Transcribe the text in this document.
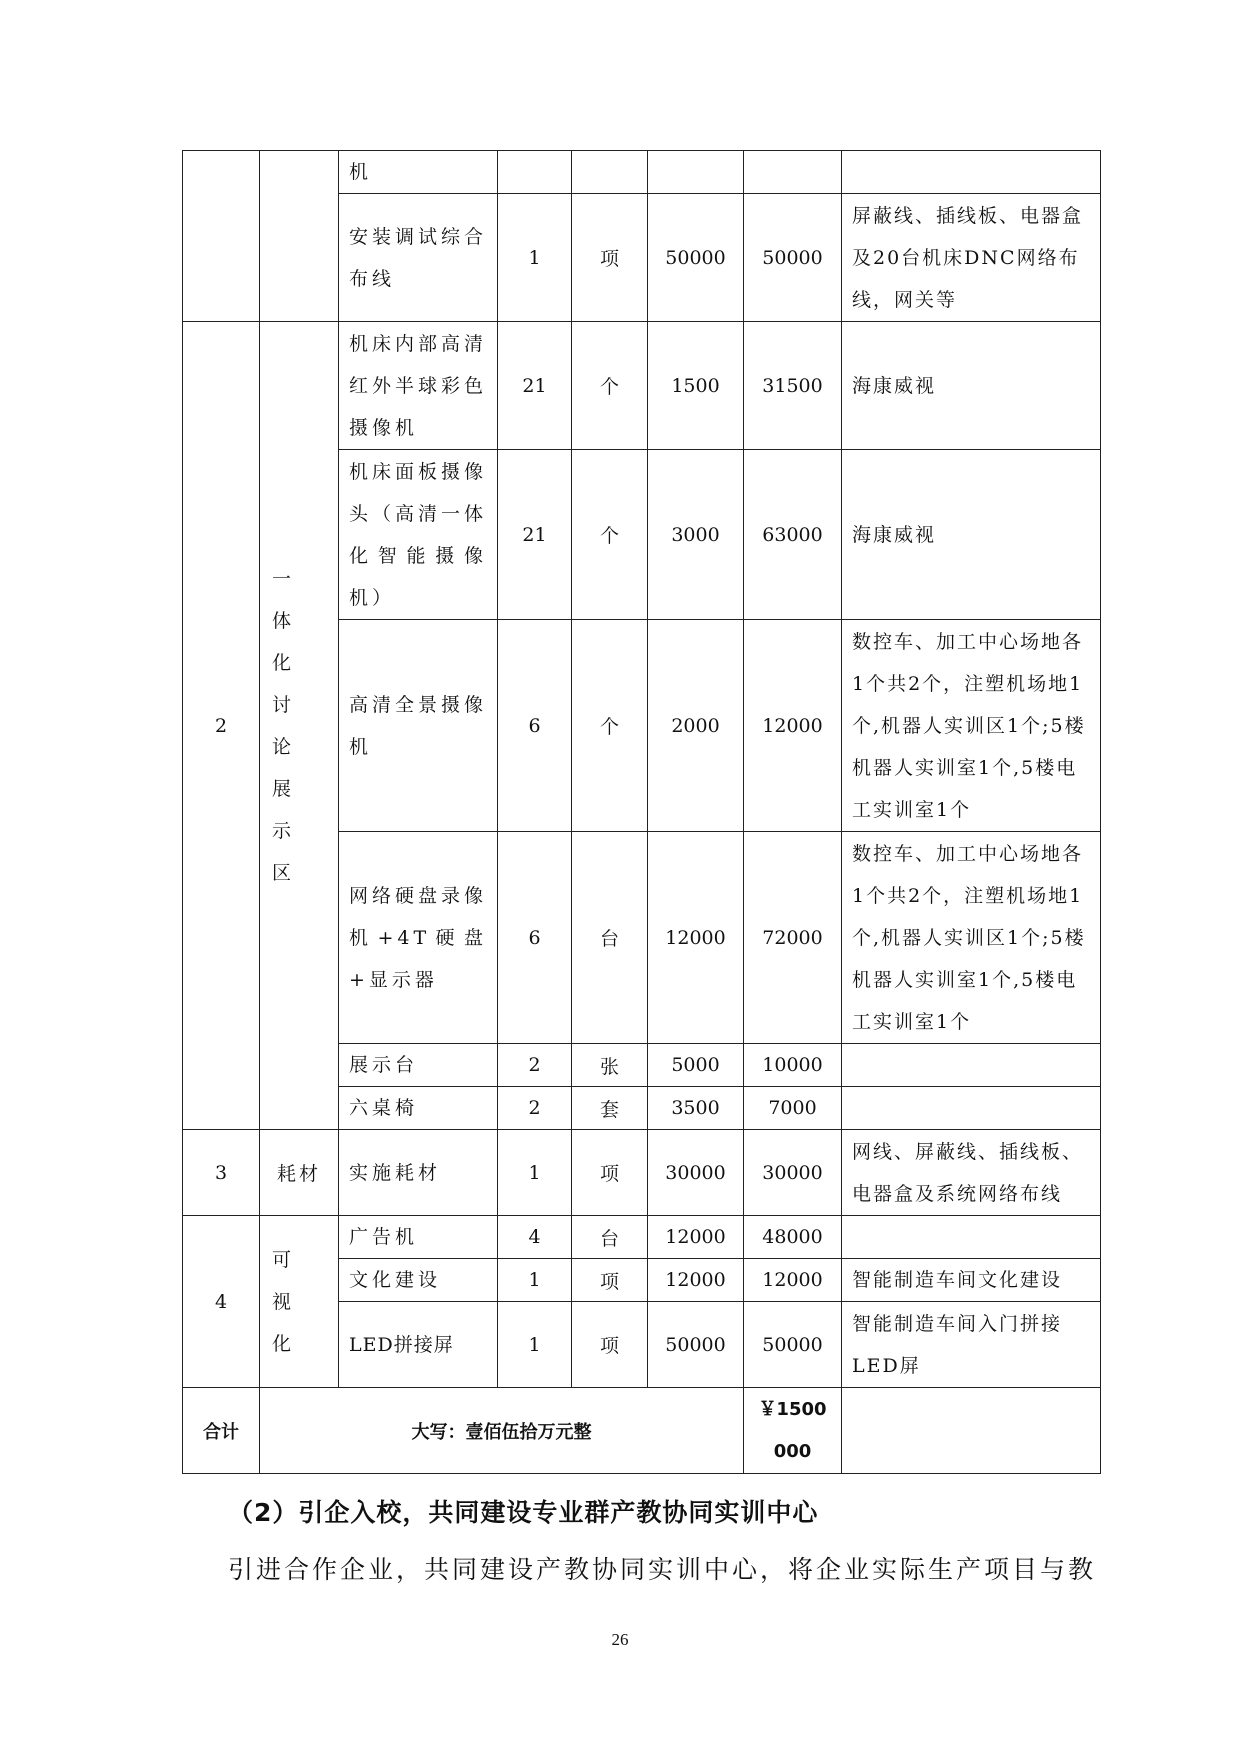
		机					
		安装调试综合布线	1	项	50000	50000	屏蔽线、插线板、电器盒及20台机床DNC网络布线，网关等
2	一体化讨论展示区	机床内部高清红外半球彩色摄像机	21	个	1500	31500	海康威视
		机床面板摄像头（高清一体化智能摄像机）	21	个	3000	63000	海康威视
		高清全景摄像机	6	个	2000	12000	数控车、加工中心场地各1个共2个，注塑机场地1个,机器人实训区1个;5楼机器人实训室1个,5楼电工实训室1个
		网络硬盘录像机+4T硬盘+显示器	6	台	12000	72000	数控车、加工中心场地各1个共2个，注塑机场地1个,机器人实训区1个;5楼机器人实训室1个,5楼电工实训室1个
		展示台	2	张	5000	10000	
		六桌椅	2	套	3500	7000	
3	耗材	实施耗材	1	项	30000	30000	网线、屏蔽线、插线板、电器盒及系统网络布线
4	可视化	广告机	4	台	12000	48000	
		文化建设	1	项	12000	12000	智能制造车间文化建设
		LED拼接屏	1	项	50000	50000	智能制造车间入门拼接LED屏
合计	大写：壹佰伍拾万元整					￥1500000	
（2）引企入校，共同建设专业群产教协同实训中心
引进合作企业，共同建设产教协同实训中心，将企业实际生产项目与教
26
